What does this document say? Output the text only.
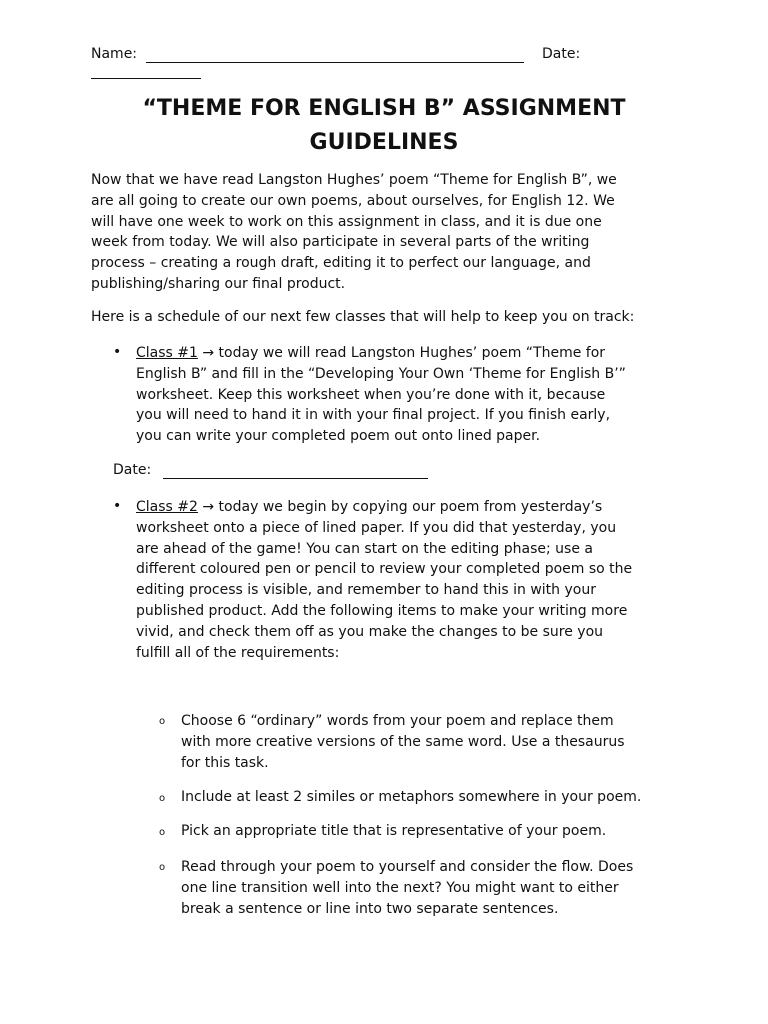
Name:	Date:
“THEME FOR ENGLISH B” ASSIGNMENT
GUIDELINES
Now that we have read Langston Hughes’ poem “Theme for English B”, we
are all going to create our own poems, about ourselves, for English 12. We
will have one week to work on this assignment in class, and it is due one
week from today. We will also participate in several parts of the writing
process – creating a rough draft, editing it to perfect our language, and
publishing/sharing our final product.
Here is a schedule of our next few classes that will help to keep you on track:
• Class #1 → today we will read Langston Hughes’ poem “Theme for
English B” and fill in the “Developing Your Own ‘Theme for English B’”
worksheet. Keep this worksheet when you’re done with it, because
you will need to hand it in with your final project. If you finish early,
you can write your completed poem out onto lined paper.
Date:
• Class #2 → today we begin by copying our poem from yesterday’s
worksheet onto a piece of lined paper. If you did that yesterday, you
are ahead of the game! You can start on the editing phase; use a
different coloured pen or pencil to review your completed poem so the
editing process is visible, and remember to hand this in with your
published product. Add the following items to make your writing more
vivid, and check them off as you make the changes to be sure you
fulfill all of the requirements:
o Choose 6 “ordinary” words from your poem and replace them
with more creative versions of the same word. Use a thesaurus
for this task.
o Include at least 2 similes or metaphors somewhere in your poem.
o Pick an appropriate title that is representative of your poem.
o Read through your poem to yourself and consider the flow. Does
one line transition well into the next? You might want to either
break a sentence or line into two separate sentences.
